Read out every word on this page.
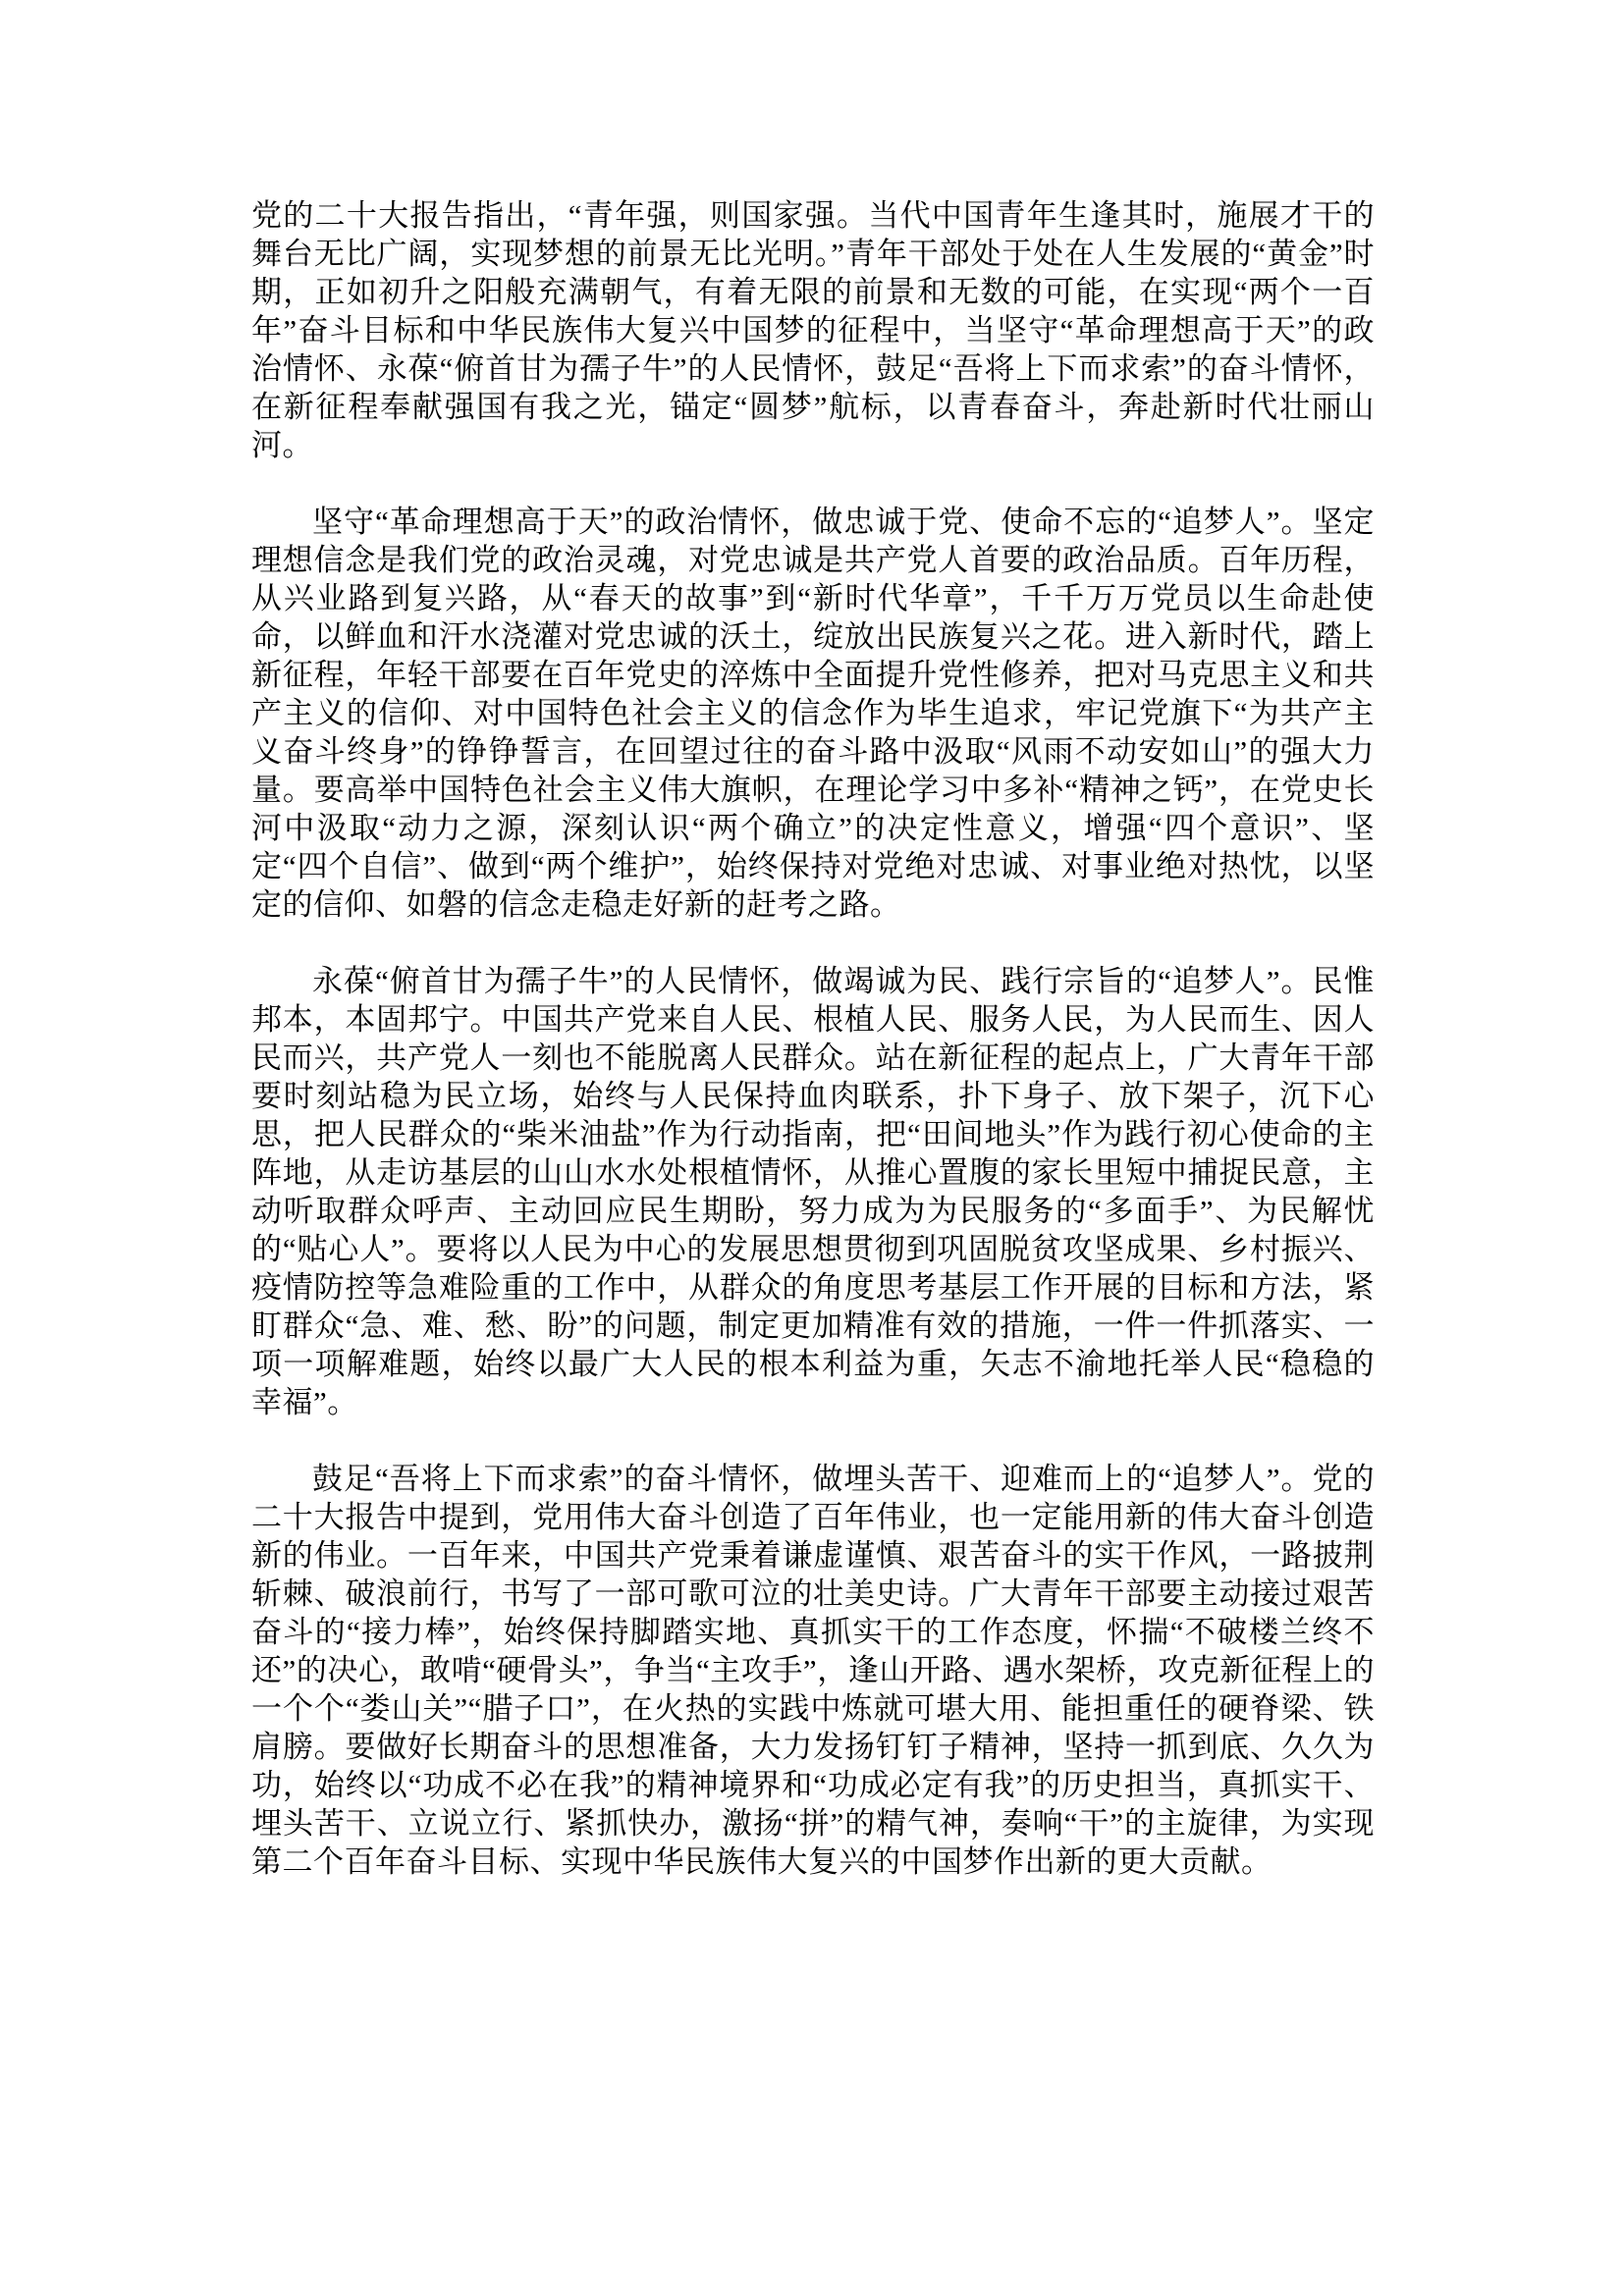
党的二十大报告指出，“青年强，则国家强。当代中国青年生逢其时，施展才干的舞台无比广阔，实现梦想的前景无比光明。”青年干部处于处在人生发展的“黄金”时期，正如初升之阳般充满朝气，有着无限的前景和无数的可能，在实现“两个一百年”奋斗目标和中华民族伟大复兴中国梦的征程中，当坚守“革命理想高于天”的政治情怀、永葆“俯首甘为孺子牛”的人民情怀，鼓足“吾将上下而求索”的奋斗情怀，在新征程奉献强国有我之光，锚定“圆梦”航标，以青春奋斗，奔赴新时代壮丽山河。

坚守“革命理想高于天”的政治情怀，做忠诚于党、使命不忘的“追梦人”。坚定理想信念是我们党的政治灵魂，对党忠诚是共产党人首要的政治品质。百年历程，从兴业路到复兴路，从“春天的故事”到“新时代华章”，千千万万党员以生命赴使命，以鲜血和汗水浇灌对党忠诚的沃土，绽放出民族复兴之花。进入新时代，踏上新征程，年轻干部要在百年党史的淬炼中全面提升党性修养，把对马克思主义和共产主义的信仰、对中国特色社会主义的信念作为毕生追求，牢记党旗下“为共产主义奋斗终身”的铮铮誓言，在回望过往的奋斗路中汲取“风雨不动安如山”的强大力量。要高举中国特色社会主义伟大旗帜，在理论学习中多补“精神之钙”，在党史长河中汲取“动力之源，深刻认识“两个确立”的决定性意义，增强“四个意识”、坚定“四个自信”、做到“两个维护”，始终保持对党绝对忠诚、对事业绝对热忱，以坚定的信仰、如磐的信念走稳走好新的赶考之路。

永葆“俯首甘为孺子牛”的人民情怀，做竭诚为民、践行宗旨的“追梦人”。民惟邦本，本固邦宁。中国共产党来自人民、根植人民、服务人民，为人民而生、因人民而兴，共产党人一刻也不能脱离人民群众。站在新征程的起点上，广大青年干部要时刻站稳为民立场，始终与人民保持血肉联系，扑下身子、放下架子，沉下心思，把人民群众的“柴米油盐”作为行动指南，把“田间地头”作为践行初心使命的主阵地，从走访基层的山山水水处根植情怀，从推心置腹的家长里短中捕捉民意，主动听取群众呼声、主动回应民生期盼，努力成为为民服务的“多面手”、为民解忧的“贴心人”。要将以人民为中心的发展思想贯彻到巩固脱贫攻坚成果、乡村振兴、疫情防控等急难险重的工作中，从群众的角度思考基层工作开展的目标和方法，紧盯群众“急、难、愁、盼”的问题，制定更加精准有效的措施，一件一件抓落实、一项一项解难题，始终以最广大人民的根本利益为重，矢志不渝地托举人民“稳稳的幸福”。

鼓足“吾将上下而求索”的奋斗情怀，做埋头苦干、迎难而上的“追梦人”。党的二十大报告中提到，党用伟大奋斗创造了百年伟业，也一定能用新的伟大奋斗创造新的伟业。一百年来，中国共产党秉着谦虚谨慎、艰苦奋斗的实干作风，一路披荆斩棘、破浪前行，书写了一部可歌可泣的壮美史诗。广大青年干部要主动接过艰苦奋斗的“接力棒”，始终保持脚踏实地、真抓实干的工作态度，怀揣“不破楼兰终不还”的决心，敢啃“硬骨头”，争当“主攻手”，逢山开路、遇水架桥，攻克新征程上的一个个“娄山关”“腊子口”，在火热的实践中炼就可堪大用、能担重任的硬脊梁、铁肩膀。要做好长期奋斗的思想准备，大力发扬钉钉子精神，坚持一抓到底、久久为功，始终以“功成不必在我”的精神境界和“功成必定有我”的历史担当，真抓实干、埋头苦干、立说立行、紧抓快办，激扬“拼”的精气神，奏响“干”的主旋律，为实现第二个百年奋斗目标、实现中华民族伟大复兴的中国梦作出新的更大贡献。
